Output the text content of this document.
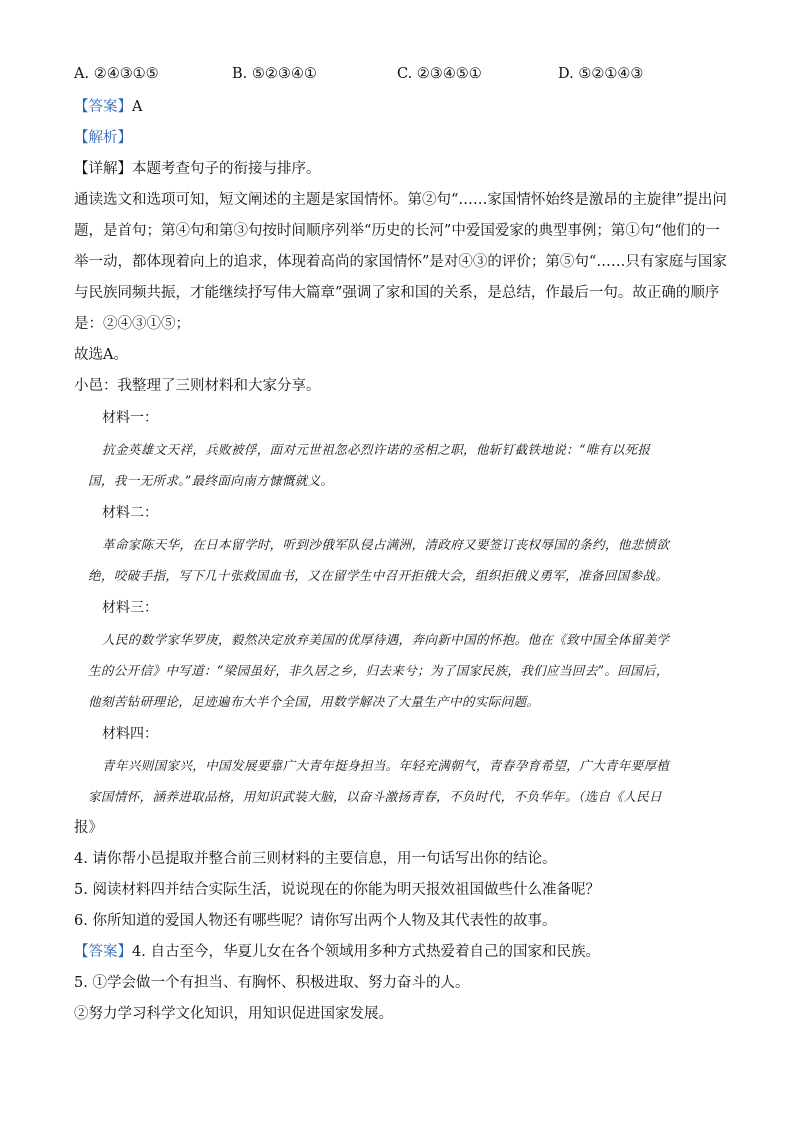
A. ②④③①⑤	B. ⑤②③④①	C. ②③④⑤①	D. ⑤②①④③
【答案】A
【解析】
【详解】本题考查句子的衔接与排序。
通读选文和选项可知，短文阐述的主题是家国情怀。第②句“……家国情怀始终是激昂的主旋律”提出问
题，是首句；第④句和第③句按时间顺序列举“历史的长河”中爱国爱家的典型事例；第①句“他们的一
举一动，都体现着向上的追求，体现着高尚的家国情怀”是对④③的评价；第⑤句“……只有家庭与国家
与民族同频共振，才能继续抒写伟大篇章”强调了家和国的关系，是总结，作最后一句。故正确的顺序
是：②④③①⑤；
故选A。
小邑：我整理了三则材料和大家分享。
材料一：
抗金英雄文天祥，兵败被俘，面对元世祖忽必烈许诺的丞相之职，他斩钉截铁地说：“唯有以死报
国，我一无所求。”最终面向南方慷慨就义。
材料二：
革命家陈天华，在日本留学时，听到沙俄军队侵占满洲，清政府又要签订丧权辱国的条约，他悲愤欲
绝，咬破手指，写下几十张救国血书，又在留学生中召开拒俄大会，组织拒俄义勇军，准备回国参战。
材料三：
人民的数学家华罗庚，毅然决定放弃美国的优厚待遇，奔向新中国的怀抱。他在《致中国全体留美学
生的公开信》中写道：“梁园虽好，非久居之乡，归去来兮；为了国家民族，我们应当回去”。回国后，
他刻苦钻研理论，足迹遍布大半个全国，用数学解决了大量生产中的实际问题。
材料四：
青年兴则国家兴，中国发展要靠广大青年挺身担当。年轻充满朝气，青春孕育希望，广大青年要厚植
家国情怀，涵养进取品格，用知识武装大脑，以奋斗激扬青春，不负时代，不负华年。（选自《人民日
报》
4. 请你帮小邑提取并整合前三则材料的主要信息，用一句话写出你的结论。
5. 阅读材料四并结合实际生活，说说现在的你能为明天报效祖国做些什么准备呢？
6. 你所知道的爱国人物还有哪些呢？请你写出两个人物及其代表性的故事。
【答案】4. 自古至今，华夏儿女在各个领域用多种方式热爱着自己的国家和民族。
5. ①学会做一个有担当、有胸怀、积极进取、努力奋斗的人。
②努力学习科学文化知识，用知识促进国家发展。
